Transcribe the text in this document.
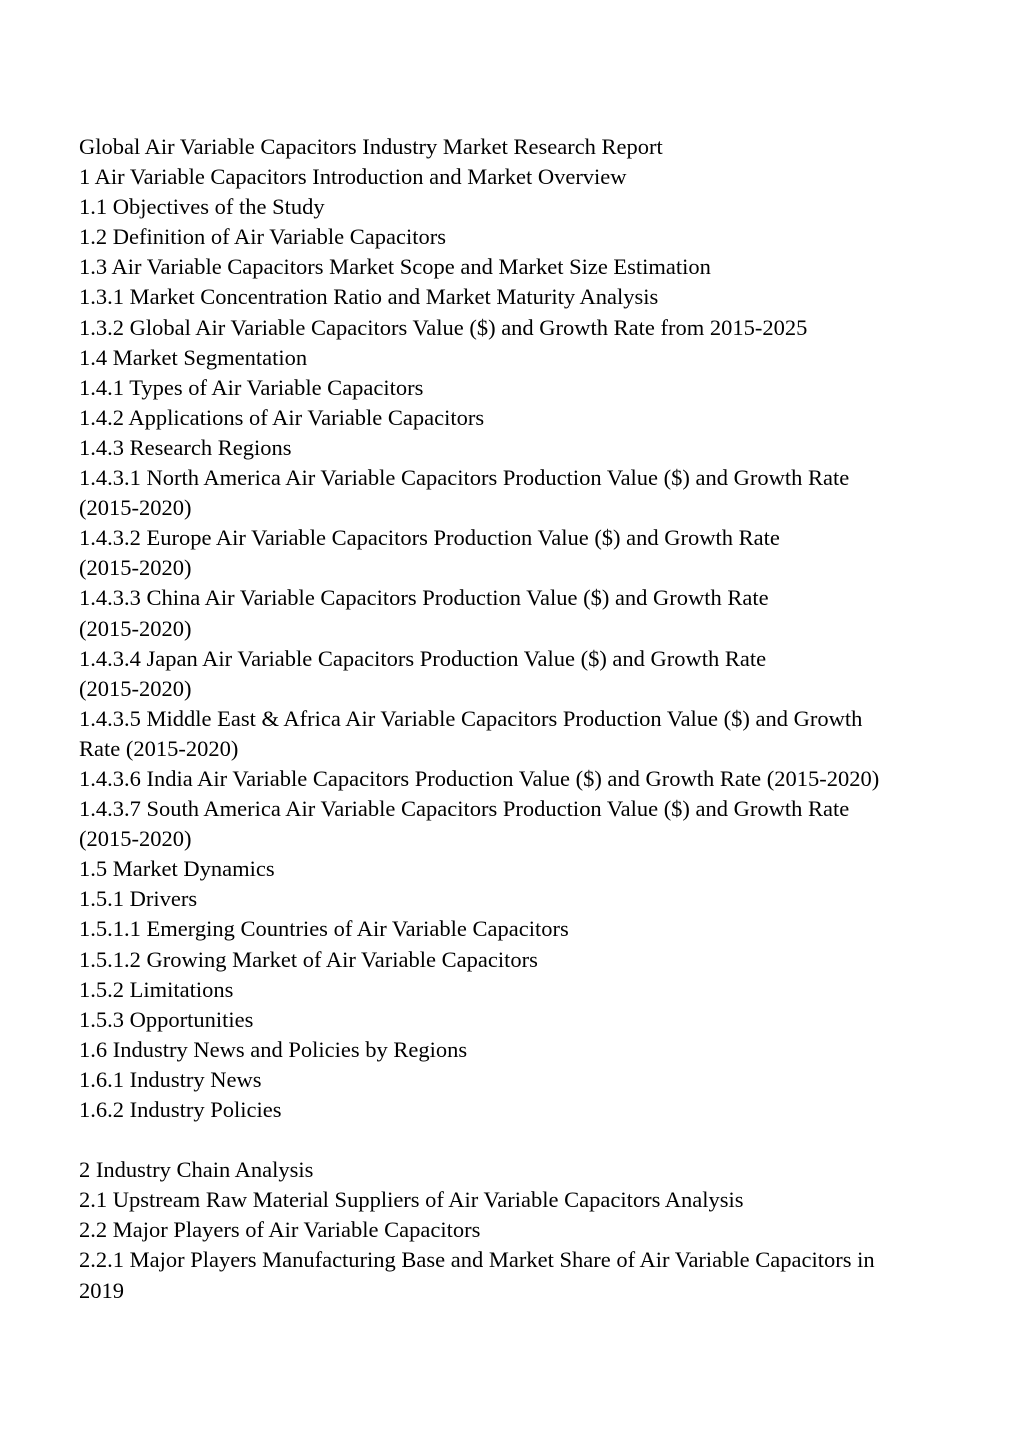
Global Air Variable Capacitors Industry Market Research Report
1 Air Variable Capacitors Introduction and Market Overview
1.1 Objectives of the Study
1.2 Definition of Air Variable Capacitors
1.3 Air Variable Capacitors Market Scope and Market Size Estimation
1.3.1 Market Concentration Ratio and Market Maturity Analysis
1.3.2 Global Air Variable Capacitors Value ($) and Growth Rate from 2015-2025
1.4 Market Segmentation
1.4.1 Types of Air Variable Capacitors
1.4.2 Applications of Air Variable Capacitors
1.4.3 Research Regions
1.4.3.1 North America Air Variable Capacitors Production Value ($) and Growth Rate
(2015-2020)
1.4.3.2 Europe Air Variable Capacitors Production Value ($) and Growth Rate
(2015-2020)
1.4.3.3 China Air Variable Capacitors Production Value ($) and Growth Rate
(2015-2020)
1.4.3.4 Japan Air Variable Capacitors Production Value ($) and Growth Rate
(2015-2020)
1.4.3.5 Middle East & Africa Air Variable Capacitors Production Value ($) and Growth
Rate (2015-2020)
1.4.3.6 India Air Variable Capacitors Production Value ($) and Growth Rate (2015-2020)
1.4.3.7 South America Air Variable Capacitors Production Value ($) and Growth Rate
(2015-2020)
1.5 Market Dynamics
1.5.1 Drivers
1.5.1.1 Emerging Countries of Air Variable Capacitors
1.5.1.2 Growing Market of Air Variable Capacitors
1.5.2 Limitations
1.5.3 Opportunities
1.6 Industry News and Policies by Regions
1.6.1 Industry News
1.6.2 Industry Policies
2 Industry Chain Analysis
2.1 Upstream Raw Material Suppliers of Air Variable Capacitors Analysis
2.2 Major Players of Air Variable Capacitors
2.2.1 Major Players Manufacturing Base and Market Share of Air Variable Capacitors in
2019
